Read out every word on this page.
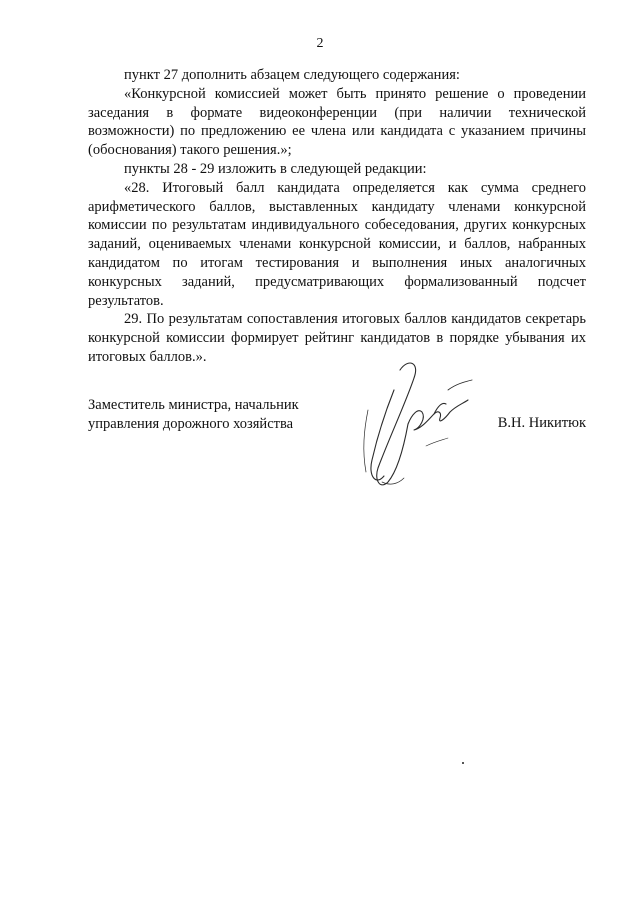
2

пункт 27 дополнить абзацем следующего содержания:

«Конкурсной комиссией может быть принято решение о проведении заседания в формате видеоконференции (при наличии технической возможности) по предложению ее члена или кандидата с указанием причины (обоснования) такого решения.»;

пункты 28 - 29 изложить в следующей редакции:

«28. Итоговый балл кандидата определяется как сумма среднего арифметического баллов, выставленных кандидату членами конкурсной комиссии по результатам индивидуального собеседования, других конкурсных заданий, оцениваемых членами конкурсной комиссии, и баллов, набранных кандидатом по итогам тестирования и выполнения иных аналогичных конкурсных заданий, предусматривающих формализованный подсчет результатов.

29. По результатам сопоставления итоговых баллов кандидатов секретарь конкурсной комиссии формирует рейтинг кандидатов в порядке убывания их итоговых баллов.».

Заместитель министра, начальник
управления дорожного хозяйства	В.Н. Никитюк
